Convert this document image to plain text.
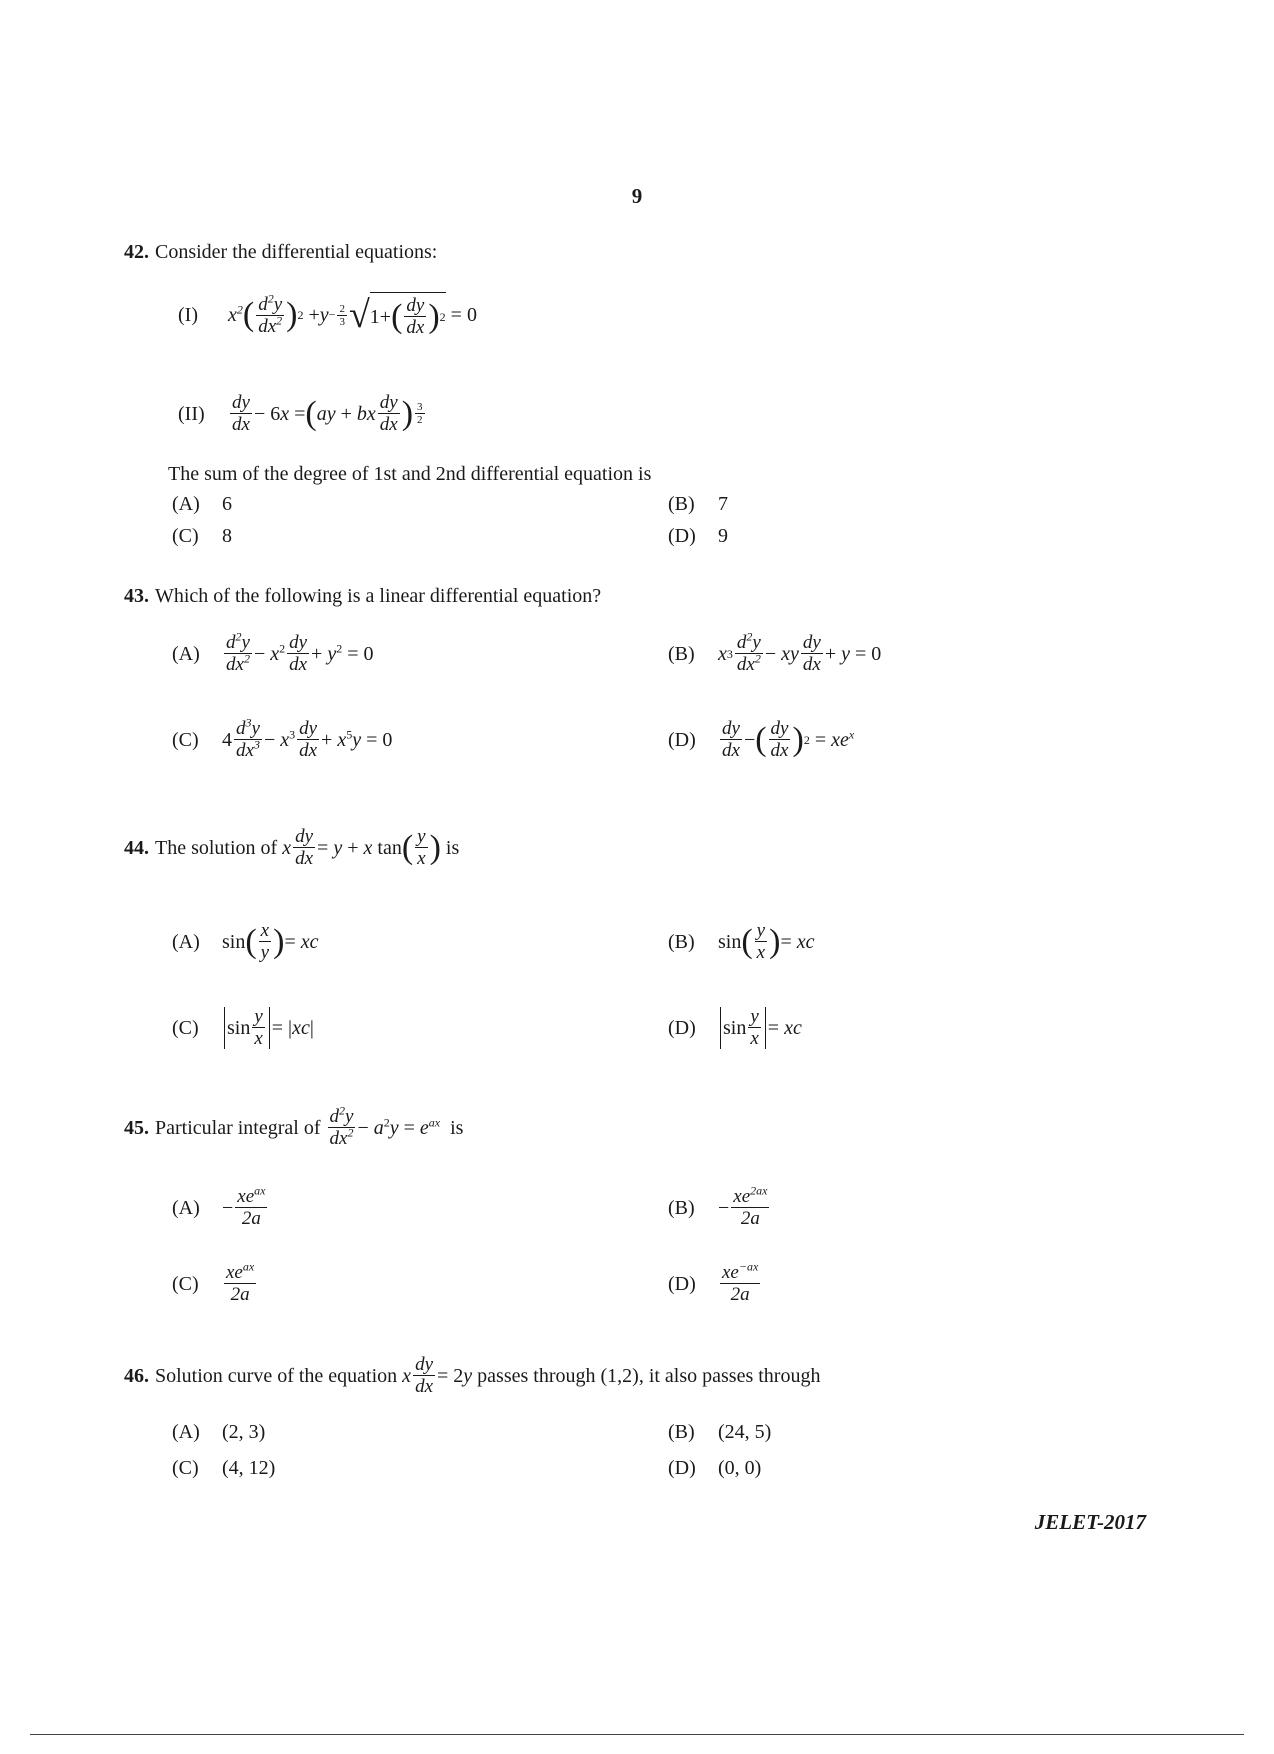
9
42. Consider the differential equations:
(I)	$x^2$ ( $\frac{d^2y}{dx^2}$ ) $2 + y - \frac{2}{3}$ √ 1+ ( $\frac{dy}{dx}$ ) 2 = 0
(II)	$\frac{dy}{dx} - 6x$ = ( ay + bx $\frac{dy}{dx}$ ) $\frac{3}{2}$
The sum of the degree of 1st and 2nd differential equation is
(A) 6	(B) 7
(C) 8	(D) 9
43. Which of the following is a linear differential equation?
(A)	$\frac{d^2y}{dx^2} - x^2 \frac{dy}{dx} + y^2 = 0$	(B)	x $3 \frac{d^2y}{dx^2}$ − xy $\frac{dy}{dx} + y = 0$
(C)	$4 \frac{d^3y}{dx^3} - x^3 \frac{dy}{dx} + x^5y = 0$	(D)	$\frac{dy}{dx}$ − ( $\frac{dy}{dx}$ ) $2 = xe^x$
44. The solution of
x $\frac{dy}{dx} = y + x$ tan ( $\frac{y}{x}$ )
is
(A)	sin ( $\frac{x}{y}$ ) = xc	(B)	sin ( $\frac{y}{x}$ ) = xc
(C)	$\sin \frac{y}{x} = |xc|$	(D)	$\sin \frac{y}{x}$ = xc
45. Particular integral of
$\frac{d^2y}{dx^2} - a^2y = e^{ax}$
is
(A)	− $\frac{xe^{ax}}{2a}$	(B)	− $\frac{xe^{2ax}}{2a}$
(C)	$\frac{xe^{ax}}{2a}$	(D)	$\frac{xe^{-ax}}{2a}$
46. Solution curve of the equation
x $\frac{dy}{dx} = 2y$
passes through (1,2), it also passes through
(A) (2, 3)	(B) (24, 5)
(C) (4, 12)	(D) (0, 0)
JELET-2017
